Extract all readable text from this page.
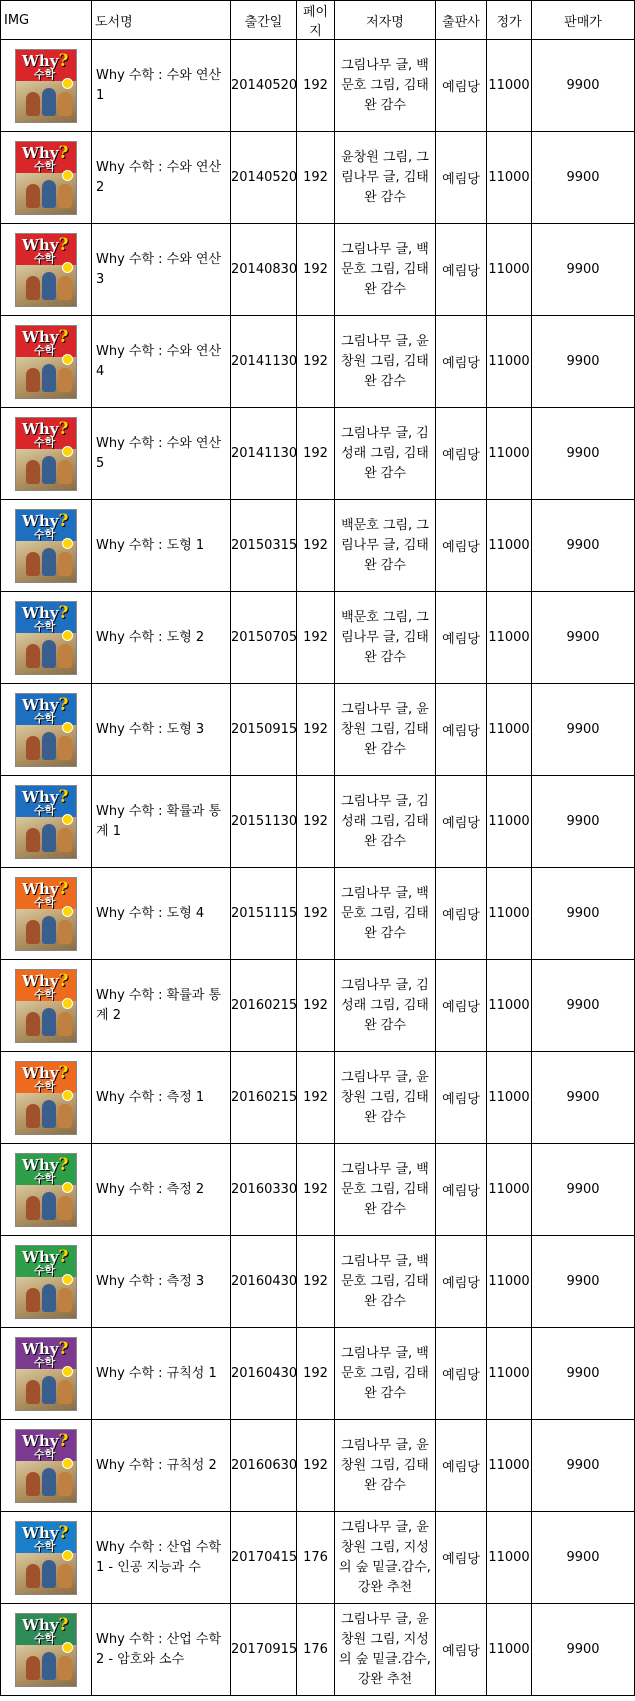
IMG	도서명	출간일	페이지	저자명	출판사	정가	판매가

Why?
수학	Why 수학 : 수와 연산 1	20140520	192	그림나무 글, 백문호 그림, 김태완 감수	예림당	11000	9900

Why?
수학	Why 수학 : 수와 연산 2	20140520	192	윤창원 그림, 그림나무 글, 김태완 감수	예림당	11000	9900

Why?
수학	Why 수학 : 수와 연산 3	20140830	192	그림나무 글, 백문호 그림, 김태완 감수	예림당	11000	9900

Why?
수학	Why 수학 : 수와 연산 4	20141130	192	그림나무 글, 윤창원 그림, 김태완 감수	예림당	11000	9900

Why?
수학	Why 수학 : 수와 연산 5	20141130	192	그림나무 글, 김성래 그림, 김태완 감수	예림당	11000	9900

Why?
수학	Why 수학 : 도형 1	20150315	192	백문호 그림, 그림나무 글, 김태완 감수	예림당	11000	9900

Why?
수학	Why 수학 : 도형 2	20150705	192	백문호 그림, 그림나무 글, 김태완 감수	예림당	11000	9900

Why?
수학	Why 수학 : 도형 3	20150915	192	그림나무 글, 윤창원 그림, 김태완 감수	예림당	11000	9900

Why?
수학	Why 수학 : 확률과 통계 1	20151130	192	그림나무 글, 김성래 그림, 김태완 감수	예림당	11000	9900

Why?
수학	Why 수학 : 도형 4	20151115	192	그림나무 글, 백문호 그림, 김태완 감수	예림당	11000	9900

Why?
수학	Why 수학 : 확률과 통계 2	20160215	192	그림나무 글, 김성래 그림, 김태완 감수	예림당	11000	9900

Why?
수학	Why 수학 : 측정 1	20160215	192	그림나무 글, 윤창원 그림, 김태완 감수	예림당	11000	9900

Why?
수학	Why 수학 : 측정 2	20160330	192	그림나무 글, 백문호 그림, 김태완 감수	예림당	11000	9900

Why?
수학	Why 수학 : 측정 3	20160430	192	그림나무 글, 백문호 그림, 김태완 감수	예림당	11000	9900

Why?
수학	Why 수학 : 규칙성 1	20160430	192	그림나무 글, 백문호 그림, 김태완 감수	예림당	11000	9900

Why?
수학	Why 수학 : 규칙성 2	20160630	192	그림나무 글, 윤창원 그림, 김태완 감수	예림당	11000	9900

Why?
수학	Why 수학 : 산업 수학 1 - 인공 지능과 수	20170415	176	그림나무 글, 윤창원 그림, 지성의 숲 밑글.감수, 강완 추천	예림당	11000	9900

Why?
수학	Why 수학 : 산업 수학 2 - 암호와 소수	20170915	176	그림나무 글, 윤창원 그림, 지성의 숲 밑글.감수, 강완 추천	예림당	11000	9900
